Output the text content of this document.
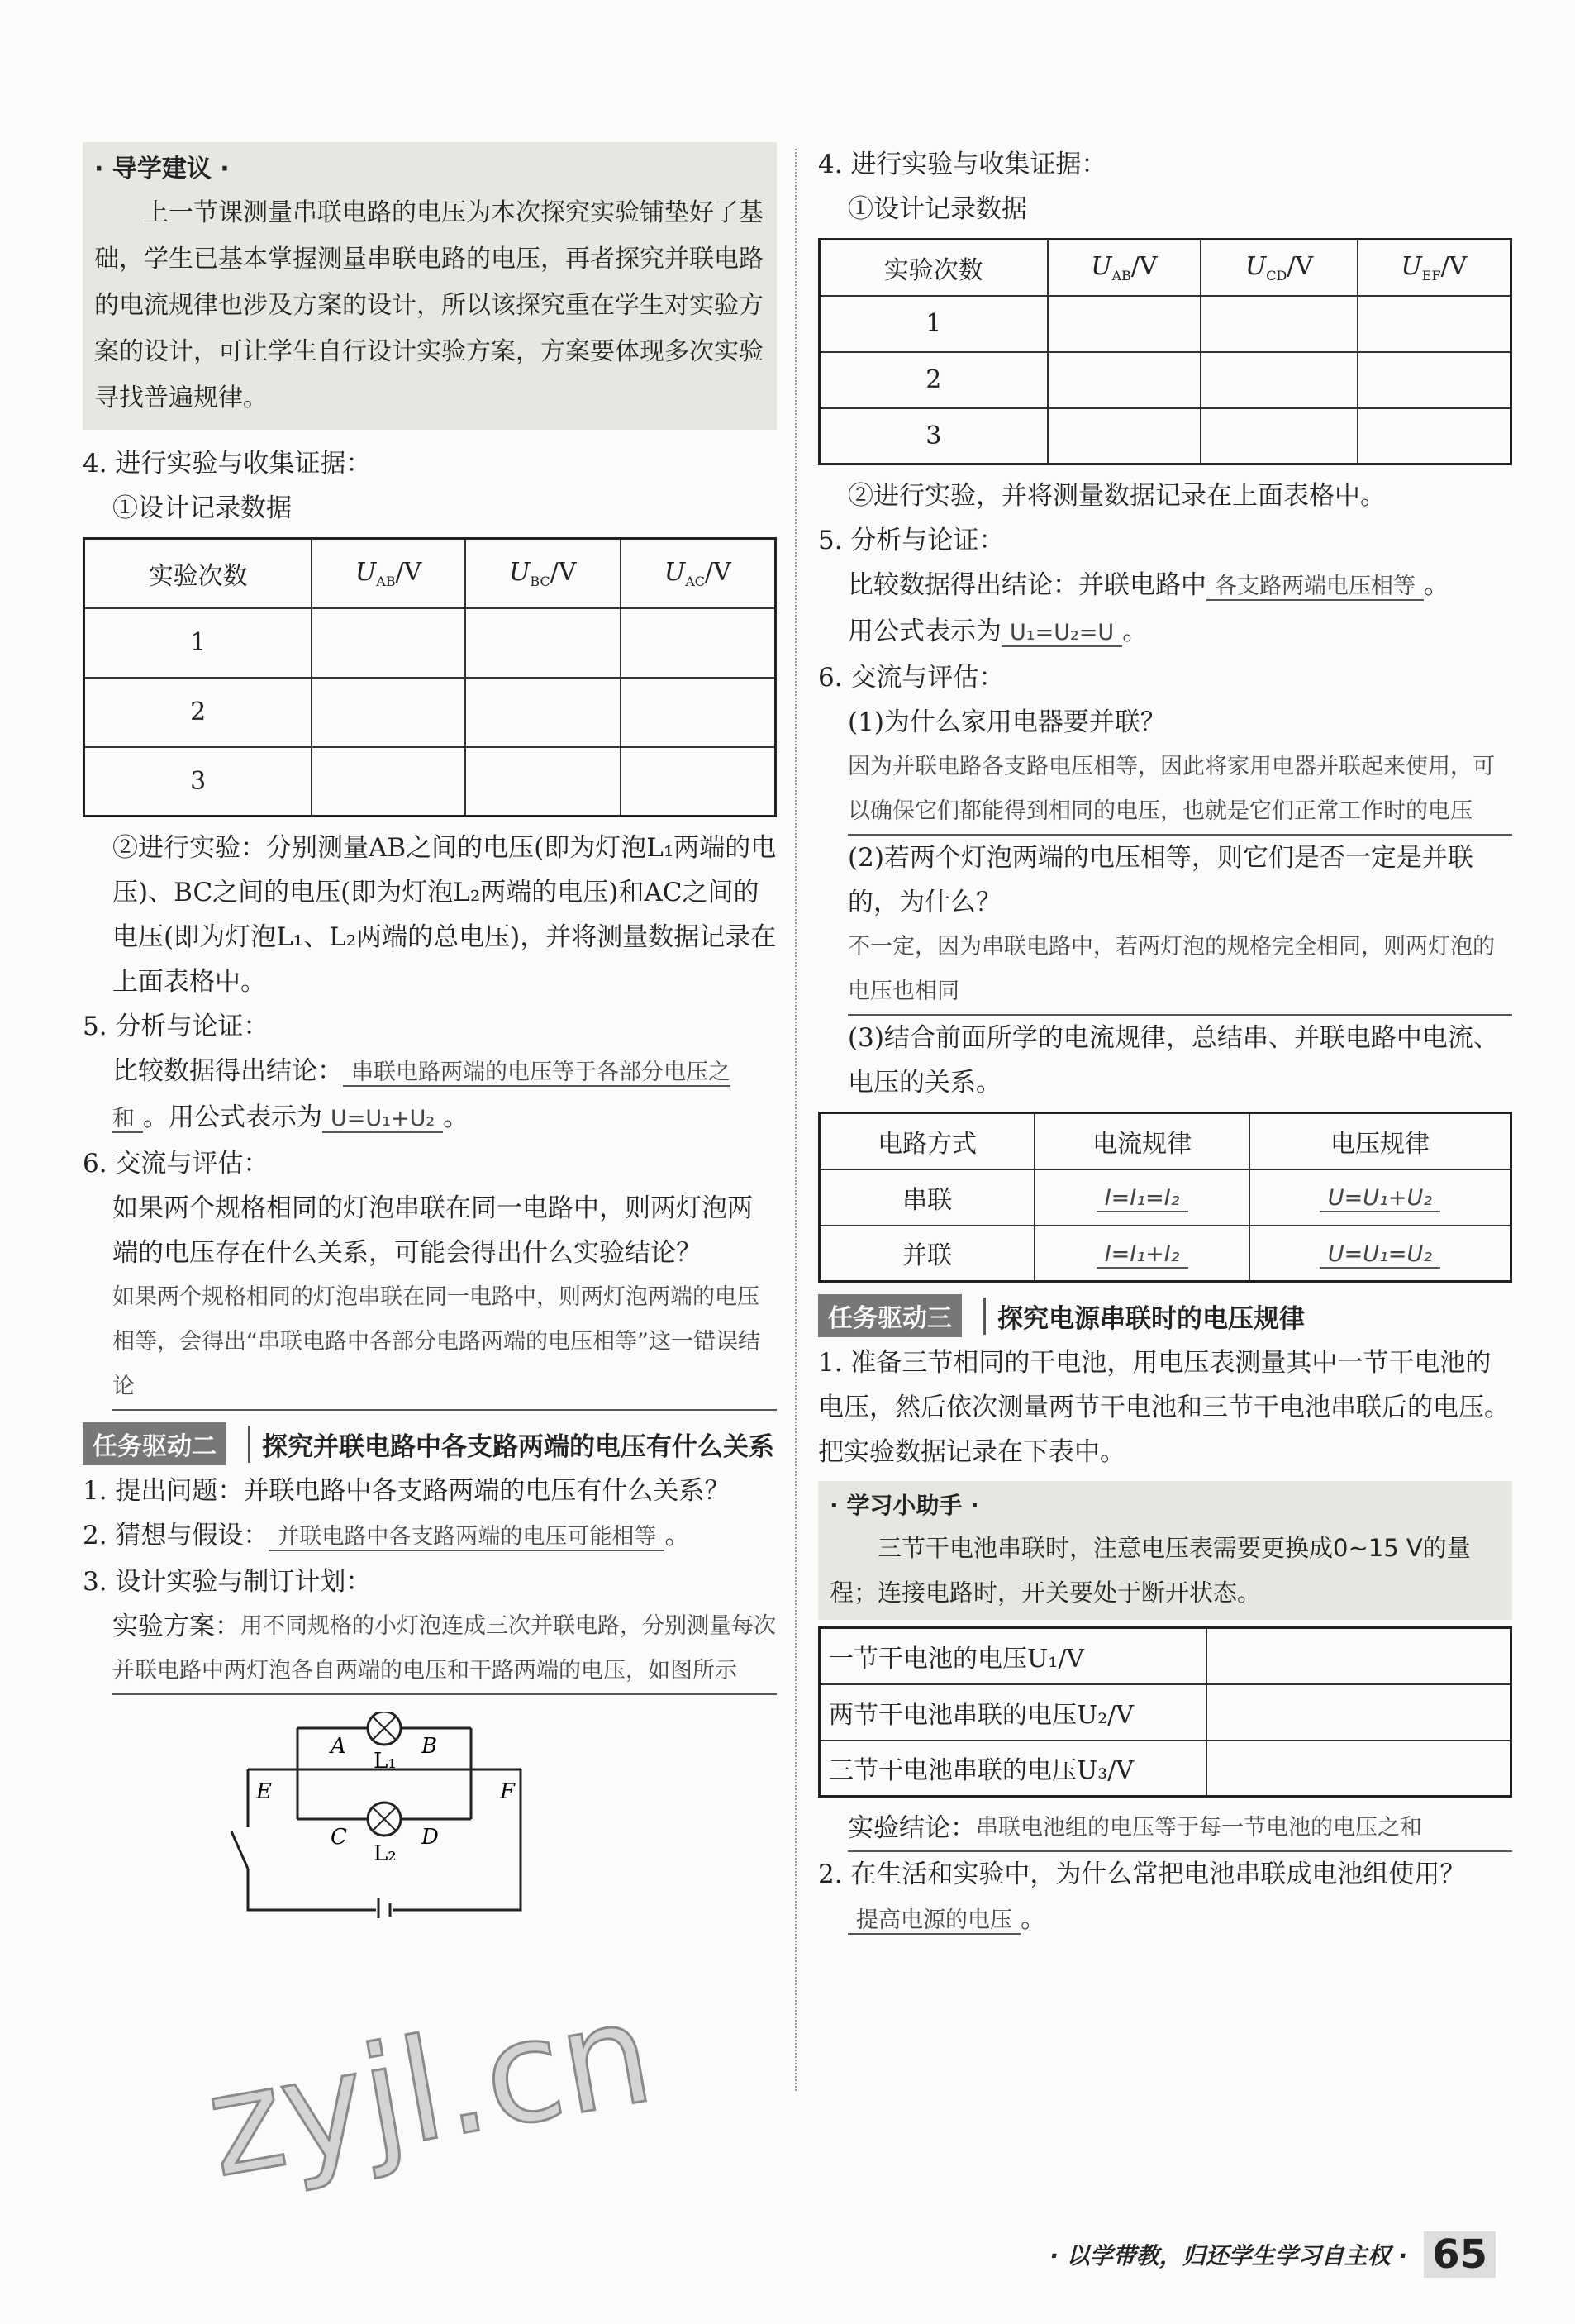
· 导学建议 ·

上一节课测量串联电路的电压为本次探究实验铺垫好了基础，学生已基本掌握测量串联电路的电压，再者探究并联电路的电流规律也涉及方案的设计，所以该探究重在学生对实验方案的设计，可让学生自行设计实验方案，方案要体现多次实验寻找普遍规律。

4. 进行实验与收集证据：

①设计记录数据

实验次数	$U_{AB}/V$	$U_{BC}/V$	$U_{AC}/V$
1			
2			
3			

②进行实验：分别测量AB之间的电压(即为灯泡L₁两端的电压)、BC之间的电压(即为灯泡L₂两端的电压)和AC之间的电压(即为灯泡L₁、L₂两端的总电压)，并将测量数据记录在上面表格中。

5. 分析与论证：

比较数据得出结论： 串联电路两端的电压等于各部分电压之和 。用公式表示为 U=U₁+U₂ 。

6. 交流与评估：

如果两个规格相同的灯泡串联在同一电路中，则两灯泡两端的电压存在什么关系，可能会得出什么实验结论？

如果两个规格相同的灯泡串联在同一电路中，则两灯泡两端的电压相等，会得出“串联电路中各部分电路两端的电压相等”这一错误结论
任务驱动二	探究并联电路中各支路两端的电压有什么关系

1. 提出问题：并联电路中各支路两端的电压有什么关系？

2. 猜想与假设： 并联电路中各支路两端的电压可能相等 。

3. 设计实验与制订计划：

实验方案： 用不同规格的小灯泡连成三次并联电路，分别测量每次并联电路中两灯泡各自两端的电压和干路两端的电压，如图所示
A	B
C	D
E	F
L₁
L₂

4. 进行实验与收集证据：

①设计记录数据

实验次数	$U_{AB}/V$	$U_{CD}/V$	$U_{EF}/V$
1			
2			
3			

②进行实验，并将测量数据记录在上面表格中。

5. 分析与论证：

比较数据得出结论：并联电路中 各支路两端电压相等 。

用公式表示为 U₁=U₂=U 。

6. 交流与评估：

(1)为什么家用电器要并联？

因为并联电路各支路电压相等，因此将家用电器并联起来使用，可以确保它们都能得到相同的电压，也就是它们正常工作时的电压

(2)若两个灯泡两端的电压相等，则它们是否一定是并联的，为什么？

不一定，因为串联电路中，若两灯泡的规格完全相同，则两灯泡的电压也相同

(3)结合前面所学的电流规律，总结串、并联电路中电流、电压的关系。

电路方式	电流规律	电压规律
串联	I=I₁=I₂	U=U₁+U₂
并联	I=I₁+I₂	U=U₁=U₂
任务驱动三	探究电源串联时的电压规律

1. 准备三节相同的干电池，用电压表测量其中一节干电池的电压，然后依次测量两节干电池和三节干电池串联后的电压。把实验数据记录在下表中。

· 学习小助手 ·

三节干电池串联时，注意电压表需要更换成0~15 V的量程；连接电路时，开关要处于断开状态。

一节干电池的电压U₁/V	
两节干电池串联的电压U₂/V	
三节干电池串联的电压U₃/V	
实验结论： 串联电池组的电压等于每一节电池的电压之和

2. 在生活和实验中，为什么常把电池串联成电池组使用？

提高电源的电压 。

zyjl.cn
· 以学带教，归还学生学习自主权 · 65
